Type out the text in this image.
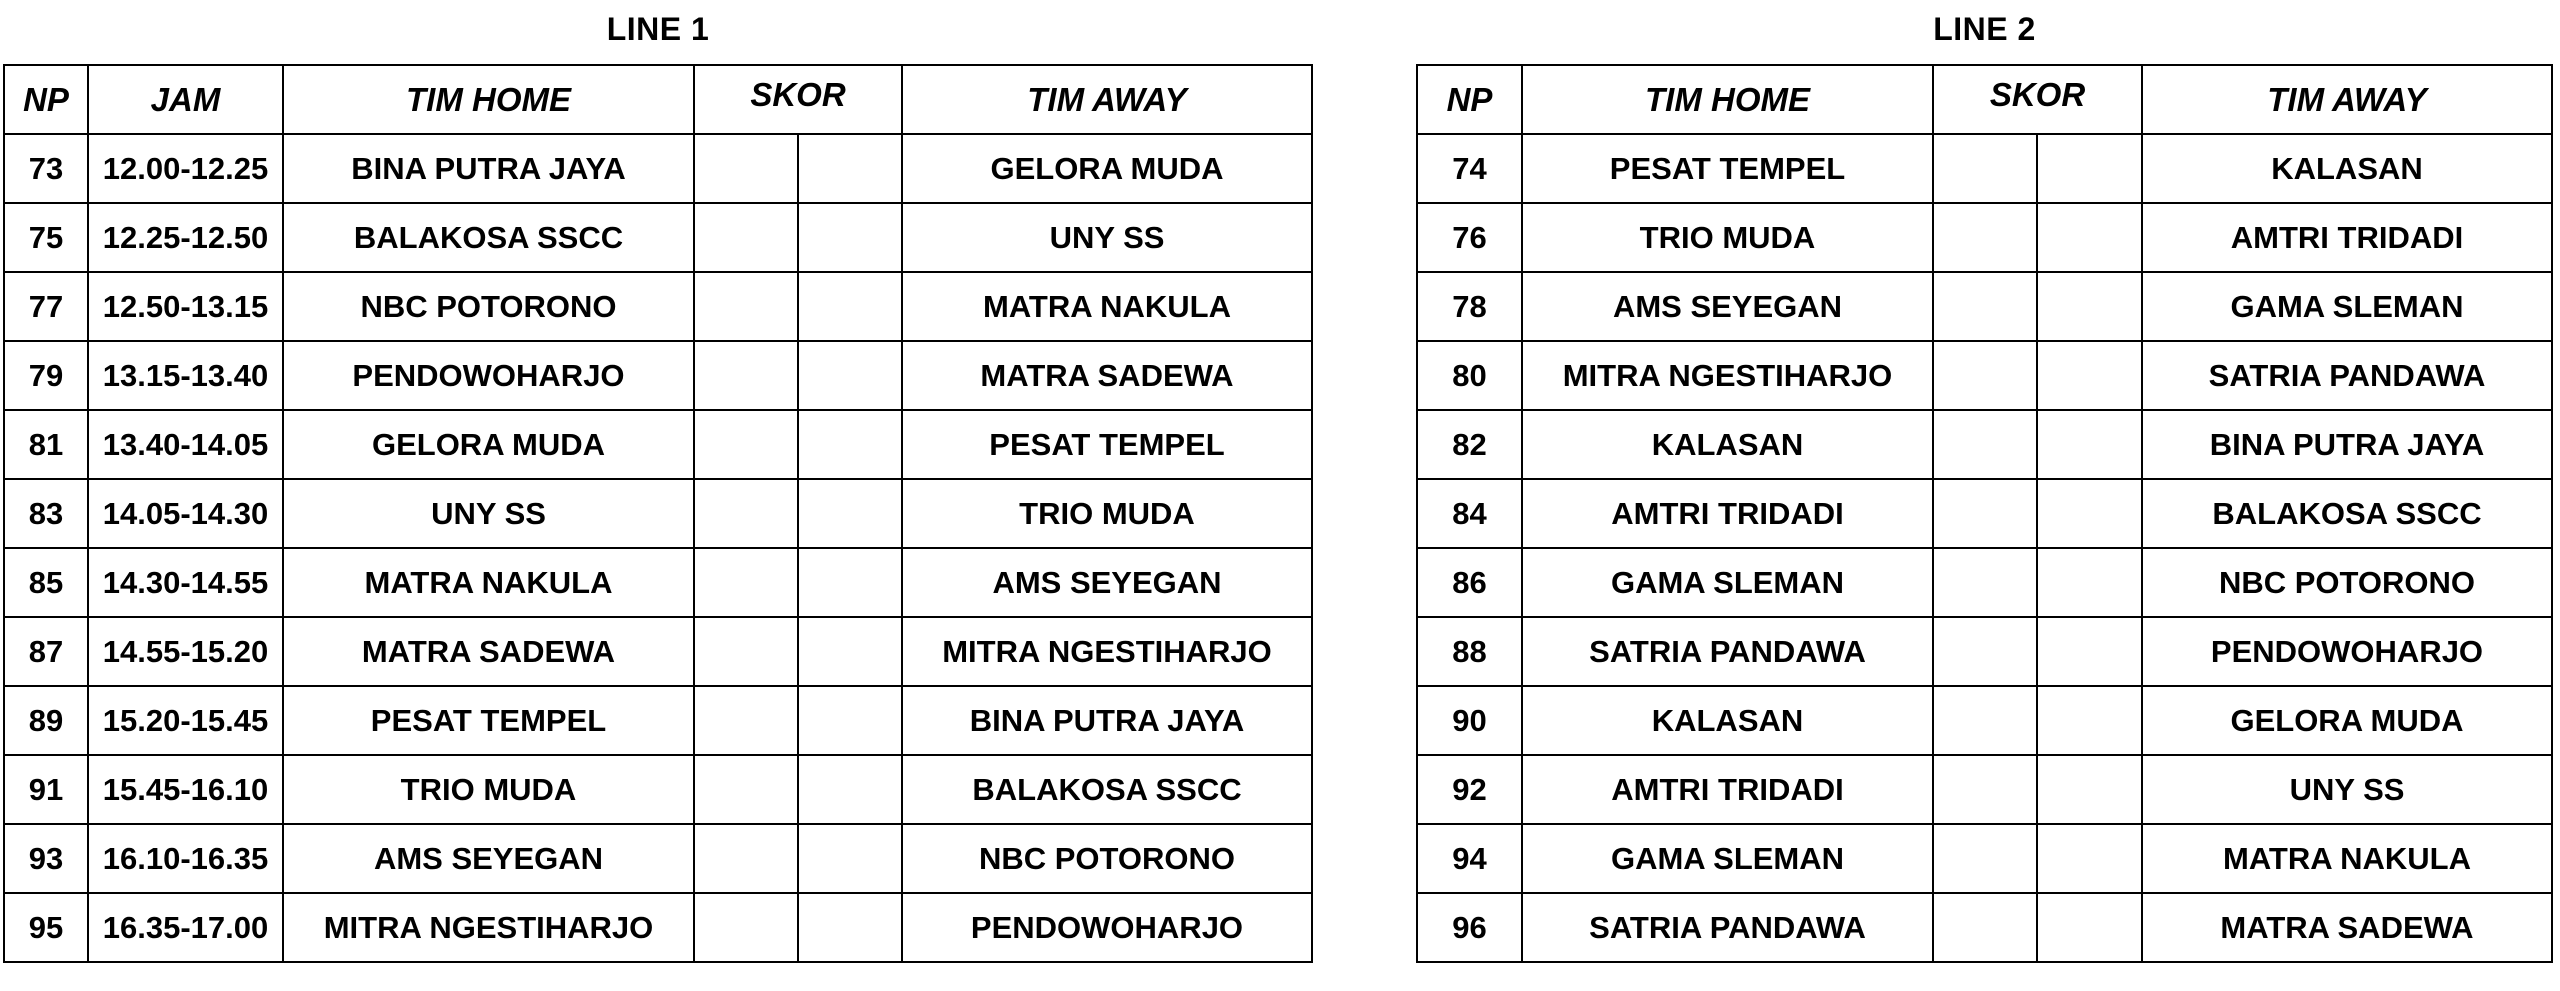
LINE 1
NP	JAM	TIM HOME	SKOR		TIM AWAY
73	12.00-12.25	BINA PUTRA JAYA			GELORA MUDA
75	12.25-12.50	BALAKOSA SSCC			UNY SS
77	12.50-13.15	NBC POTORONO			MATRA NAKULA
79	13.15-13.40	PENDOWOHARJO			MATRA SADEWA
81	13.40-14.05	GELORA MUDA			PESAT TEMPEL
83	14.05-14.30	UNY SS			TRIO MUDA
85	14.30-14.55	MATRA NAKULA			AMS SEYEGAN
87	14.55-15.20	MATRA SADEWA			MITRA NGESTIHARJO
89	15.20-15.45	PESAT TEMPEL			BINA PUTRA JAYA
91	15.45-16.10	TRIO MUDA			BALAKOSA SSCC
93	16.10-16.35	AMS SEYEGAN			NBC POTORONO
95	16.35-17.00	MITRA NGESTIHARJO			PENDOWOHARJO
LINE 2
NP	TIM HOME	SKOR		TIM AWAY
74	PESAT TEMPEL			KALASAN
76	TRIO MUDA			AMTRI TRIDADI
78	AMS SEYEGAN			GAMA SLEMAN
80	MITRA NGESTIHARJO			SATRIA PANDAWA
82	KALASAN			BINA PUTRA JAYA
84	AMTRI TRIDADI			BALAKOSA SSCC
86	GAMA SLEMAN			NBC POTORONO
88	SATRIA PANDAWA			PENDOWOHARJO
90	KALASAN			GELORA MUDA
92	AMTRI TRIDADI			UNY SS
94	GAMA SLEMAN			MATRA NAKULA
96	SATRIA PANDAWA			MATRA SADEWA
